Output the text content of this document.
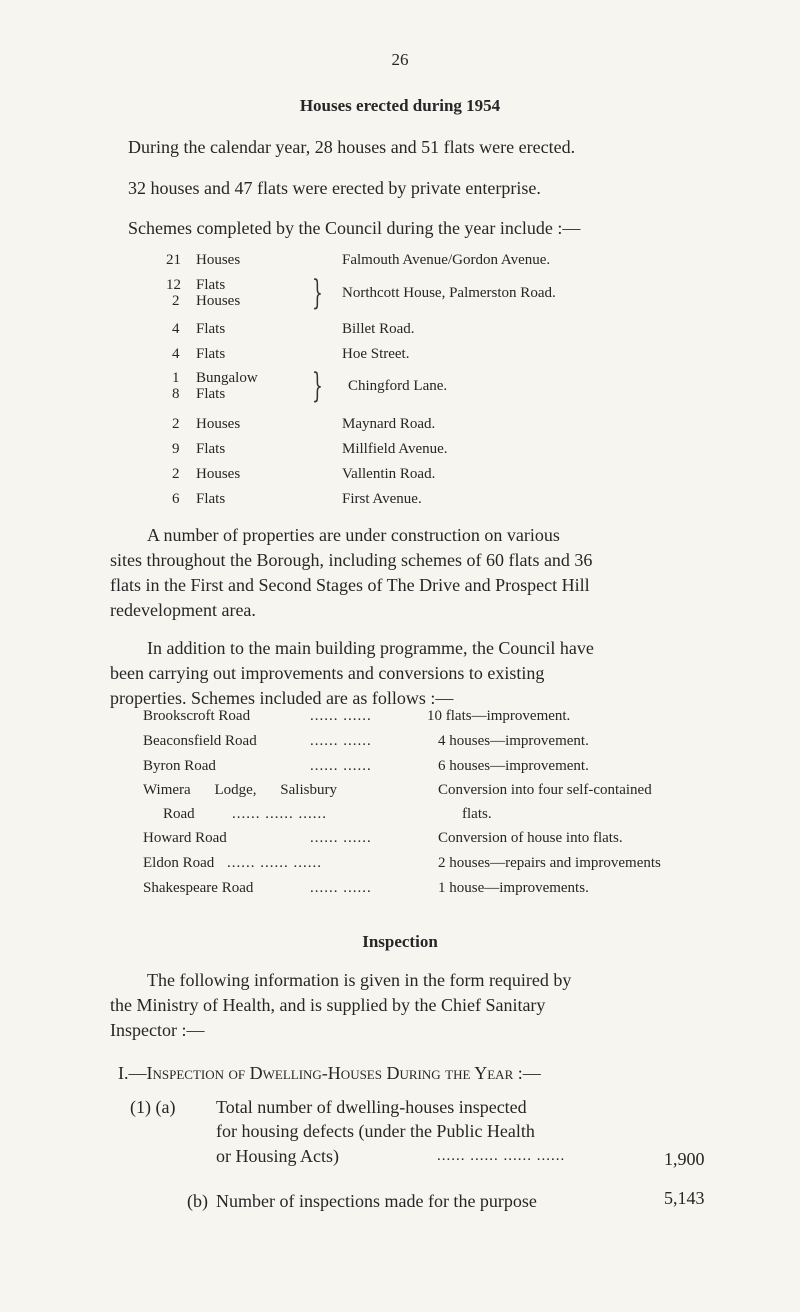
26
Houses erected during 1954
During the calendar year, 28 houses and 51 flats were erected.
32 houses and 47 flats were erected by private enterprise.
Schemes completed by the Council during the year include :—
21 Houses	Falmouth Avenue/Gordon Avenue.
12 Flats
2 Houses } Northcott House, Palmerston Road.
4 Flats	Billet Road.
4 Flats	Hoe Street.
1 Bungalow
8 Flats	} Chingford Lane.
2 Houses	Maynard Road.
9 Flats	Millfield Avenue.
2 Houses	Vallentin Road.
6 Flats	First Avenue.
A number of properties are under construction on various
sites throughout the Borough, including schemes of 60 flats and 36
flats in the First and Second Stages of The Drive and Prospect Hill
redevelopment area.
In addition to the main building programme, the Council have
been carrying out improvements and conversions to existing
properties. Schemes included are as follows :—
Brookscroft Road	...... ......	10 flats—improvement.
Beaconsfield Road	...... ......	4 houses—improvement.
Byron Road	...... ......	6 houses—improvement.
Wimera Lodge, Salisbury	Conversion into four self-contained
Road ...... ...... ......	flats.
Howard Road	...... ......	Conversion of house into flats.
Eldon Road ...... ...... ......	2 houses—repairs and improvements
Shakespeare Road	...... ......	1 house—improvements.
Inspection
The following information is given in the form required by
the Ministry of Health, and is supplied by the Chief Sanitary
Inspector :—
I.—Inspection of Dwelling-Houses During the Year :—
(1) (a) Total number of dwelling-houses inspected
for housing defects (under the Public Health
or Housing Acts)	...... ...... ...... ......	1,900
(b) Number of inspections made for the purpose	5,143
